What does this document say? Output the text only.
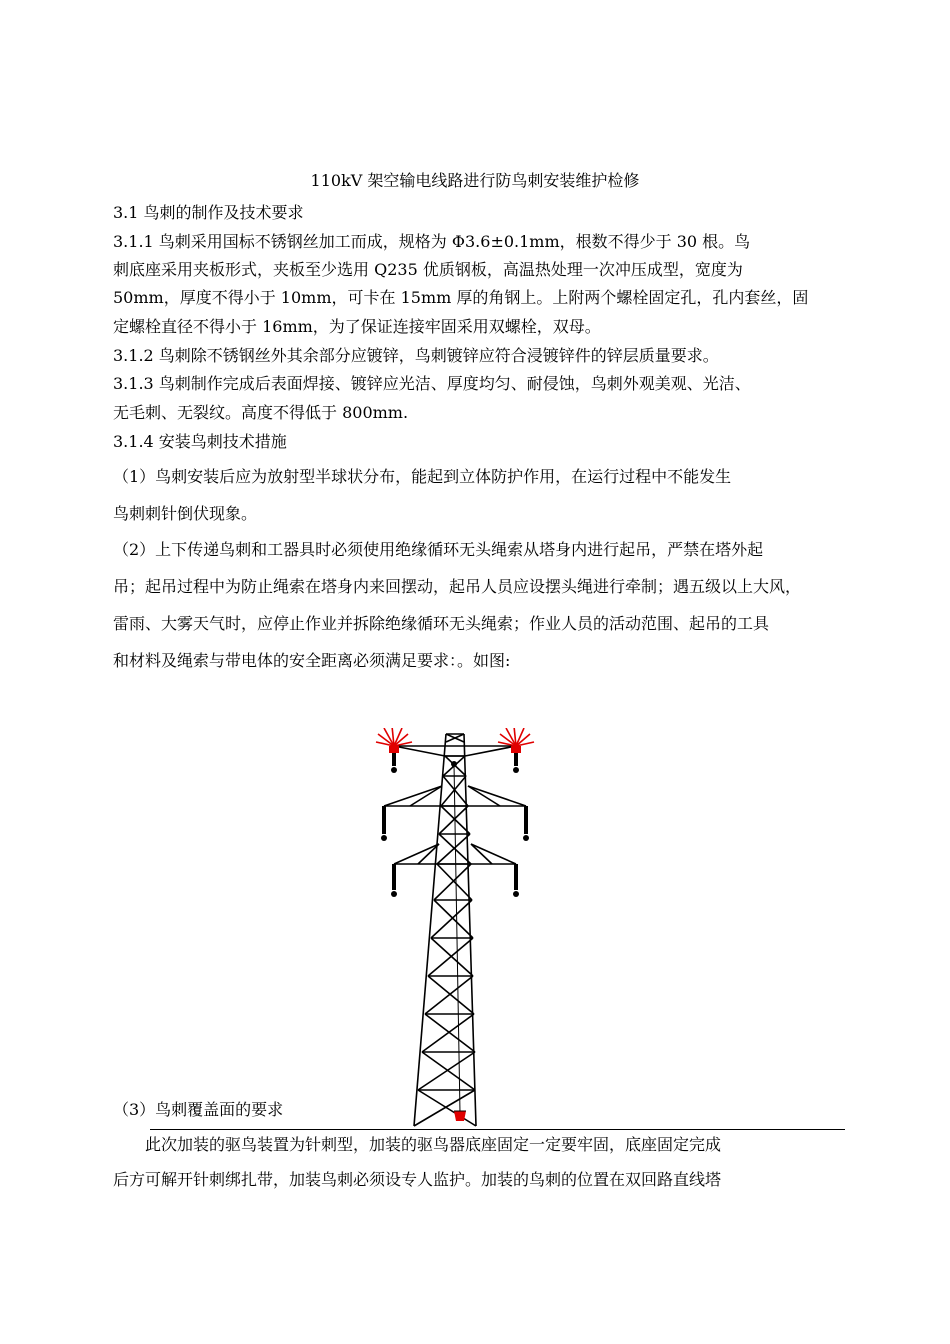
110kV 架空输电线路进行防鸟刺安装维护检修
3.1 鸟刺的制作及技术要求
3.1.1 鸟刺采用国标不锈钢丝加工而成，规格为 Φ3.6±0.1mm，根数不得少于 30 根。鸟
刺底座采用夹板形式，夹板至少选用 Q235 优质钢板，高温热处理一次冲压成型，宽度为
50mm，厚度不得小于 10mm，可卡在 15mm 厚的角钢上。上附两个螺栓固定孔，孔内套丝，固
定螺栓直径不得小于 16mm，为了保证连接牢固采用双螺栓，双母。
3.1.2 鸟刺除不锈钢丝外其余部分应镀锌，鸟刺镀锌应符合浸镀锌件的锌层质量要求。
3.1.3 鸟刺制作完成后表面焊接、镀锌应光洁、厚度均匀、耐侵蚀，鸟刺外观美观、光洁、
无毛刺、无裂纹。高度不得低于 800mm.
3.1.4 安装鸟刺技术措施
（1）鸟刺安装后应为放射型半球状分布，能起到立体防护作用，在运行过程中不能发生
鸟刺刺针倒伏现象。
（2）上下传递鸟刺和工器具时必须使用绝缘循环无头绳索从塔身内进行起吊，严禁在塔外起
吊；起吊过程中为防止绳索在塔身内来回摆动，起吊人员应设摆头绳进行牵制；遇五级以上大风，
雷雨、大雾天气时，应停止作业并拆除绝缘循环无头绳索；作业人员的活动范围、起吊的工具
和材料及绳索与带电体的安全距离必须满足要求：。如图:
（3）鸟刺覆盖面的要求
　　此次加装的驱鸟装置为针刺型，加装的驱鸟器底座固定一定要牢固，底座固定完成
后方可解开针刺绑扎带，加装鸟刺必须设专人监护。加装的鸟刺的位置在双回路直线塔
